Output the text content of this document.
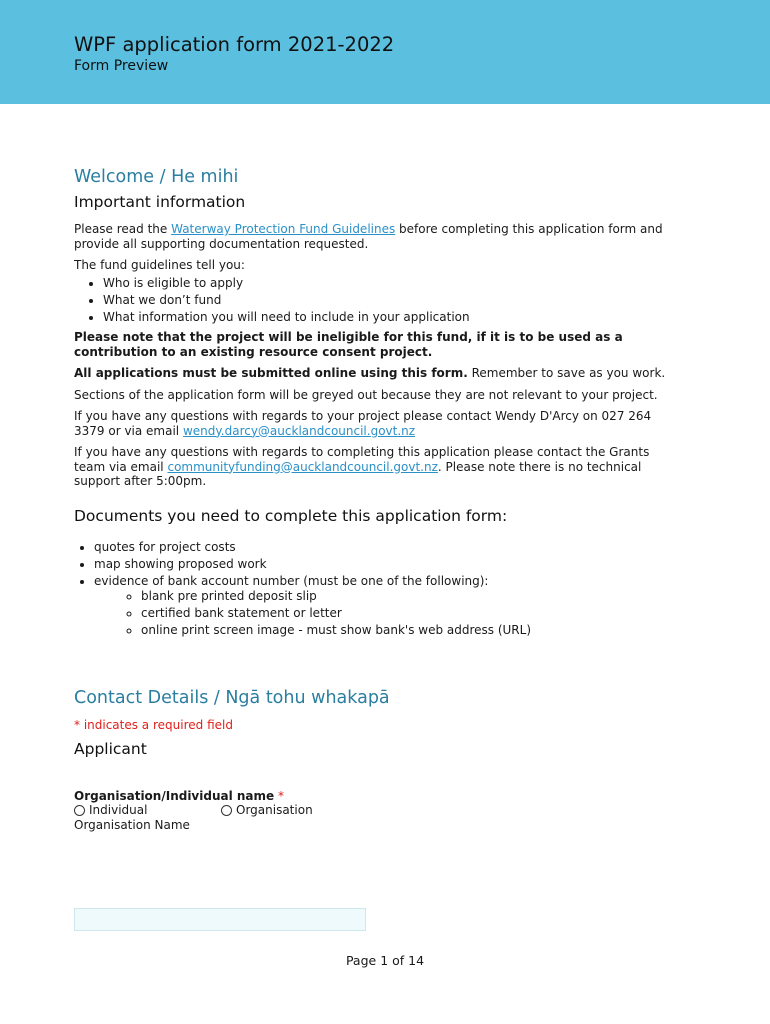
WPF application form 2021-2022
Form Preview
Welcome / He mihi
Important information

Please read the Waterway Protection Fund Guidelines before completing this application form and provide all supporting documentation requested.

The fund guidelines tell you:

• Who is eligible to apply
• What we don’t fund
• What information you will need to include in your application

Please note that the project will be ineligible for this fund, if it is to be used as a contribution to an existing resource consent project.

All applications must be submitted online using this form. Remember to save as you work.

Sections of the application form will be greyed out because they are not relevant to your project.

If you have any questions with regards to your project please contact Wendy D'Arcy on 027 264 3379 or via email wendy.darcy@aucklandcouncil.govt.nz

If you have any questions with regards to completing this application please contact the Grants team via email communityfunding@aucklandcouncil.govt.nz. Please note there is no technical support after 5:00pm.

Documents you need to complete this application form:
• quotes for project costs
• map showing proposed work
• evidence of bank account number (must be one of the following):
◦ blank pre printed deposit slip
◦ certified bank statement or letter
◦ online print screen image - must show bank's web address (URL)
Contact Details / Ngā tohu whakapā

* indicates a required field

Applicant

Organisation/Individual name *

Individual	Organisation

Organisation Name

Page 1 of 14
